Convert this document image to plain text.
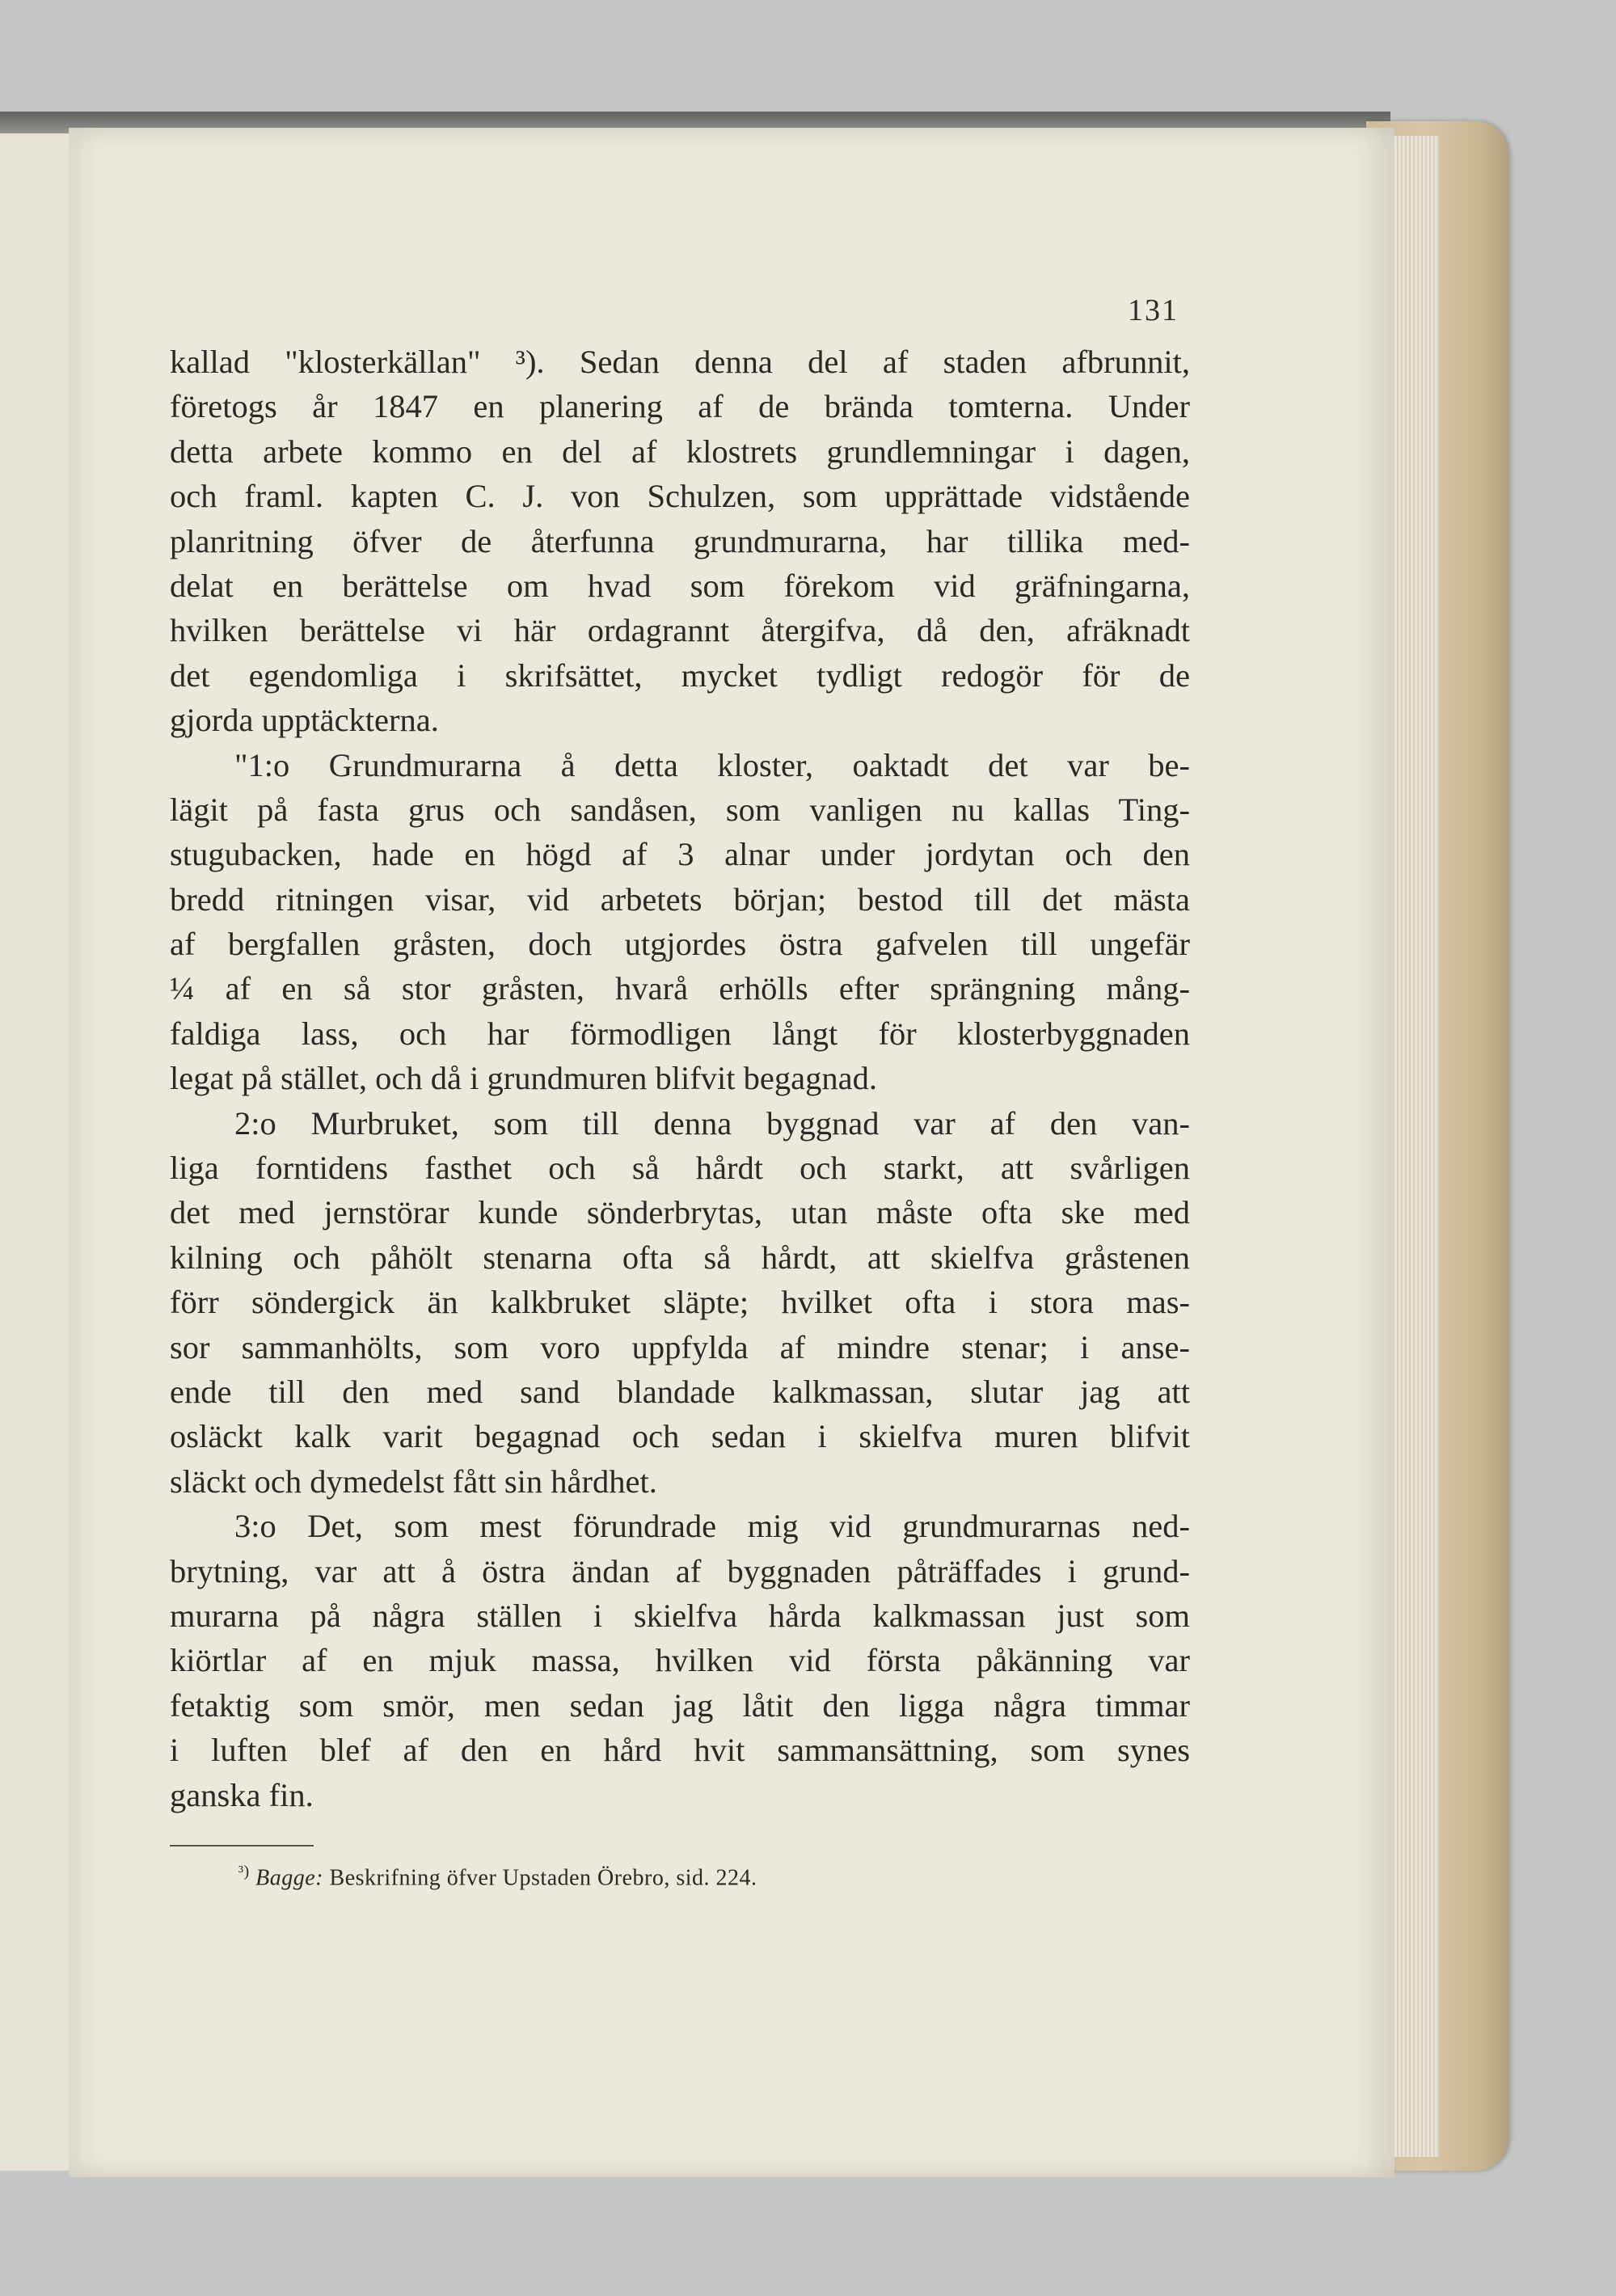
131
kallad "klosterkällan" ³). Sedan denna del af staden afbrunnit,
företogs år 1847 en planering af de brända tomterna. Under
detta arbete kommo en del af klostrets grundlemningar i dagen,
och framl. kapten C. J. von Schulzen, som upprättade vidstående
planritning öfver de återfunna grundmurarna, har tillika med-
delat en berättelse om hvad som förekom vid gräfningarna,
hvilken berättelse vi här ordagrannt återgifva, då den, afräknadt
det egendomliga i skrifsättet, mycket tydligt redogör för de
gjorda upptäckterna.
"1:o Grundmurarna å detta kloster, oaktadt det var be-
lägit på fasta grus och sandåsen, som vanligen nu kallas Ting-
stugubacken, hade en högd af 3 alnar under jordytan och den
bredd ritningen visar, vid arbetets början; bestod till det mästa
af bergfallen gråsten, doch utgjordes östra gafvelen till ungefär
¼ af en så stor gråsten, hvarå erhölls efter sprängning mång-
faldiga lass, och har förmodligen långt för klosterbyggnaden
legat på stället, och då i grundmuren blifvit begagnad.
2:o Murbruket, som till denna byggnad var af den van-
liga forntidens fasthet och så hårdt och starkt, att svårligen
det med jernstörar kunde sönderbrytas, utan måste ofta ske med
kilning och påhölt stenarna ofta så hårdt, att skielfva gråstenen
förr söndergick än kalkbruket släpte; hvilket ofta i stora mas-
sor sammanhölts, som voro uppfylda af mindre stenar; i anse-
ende till den med sand blandade kalkmassan, slutar jag att
osläckt kalk varit begagnad och sedan i skielfva muren blifvit
släckt och dymedelst fått sin hårdhet.
3:o Det, som mest förundrade mig vid grundmurarnas ned-
brytning, var att å östra ändan af byggnaden påträffades i grund-
murarna på några ställen i skielfva hårda kalkmassan just som
kiörtlar af en mjuk massa, hvilken vid första påkänning var
fetaktig som smör, men sedan jag låtit den ligga några timmar
i luften blef af den en hård hvit sammansättning, som synes
ganska fin.
$^{^3)}$ Bagge: Beskrifning öfver Upstaden Örebro, sid. 224.
